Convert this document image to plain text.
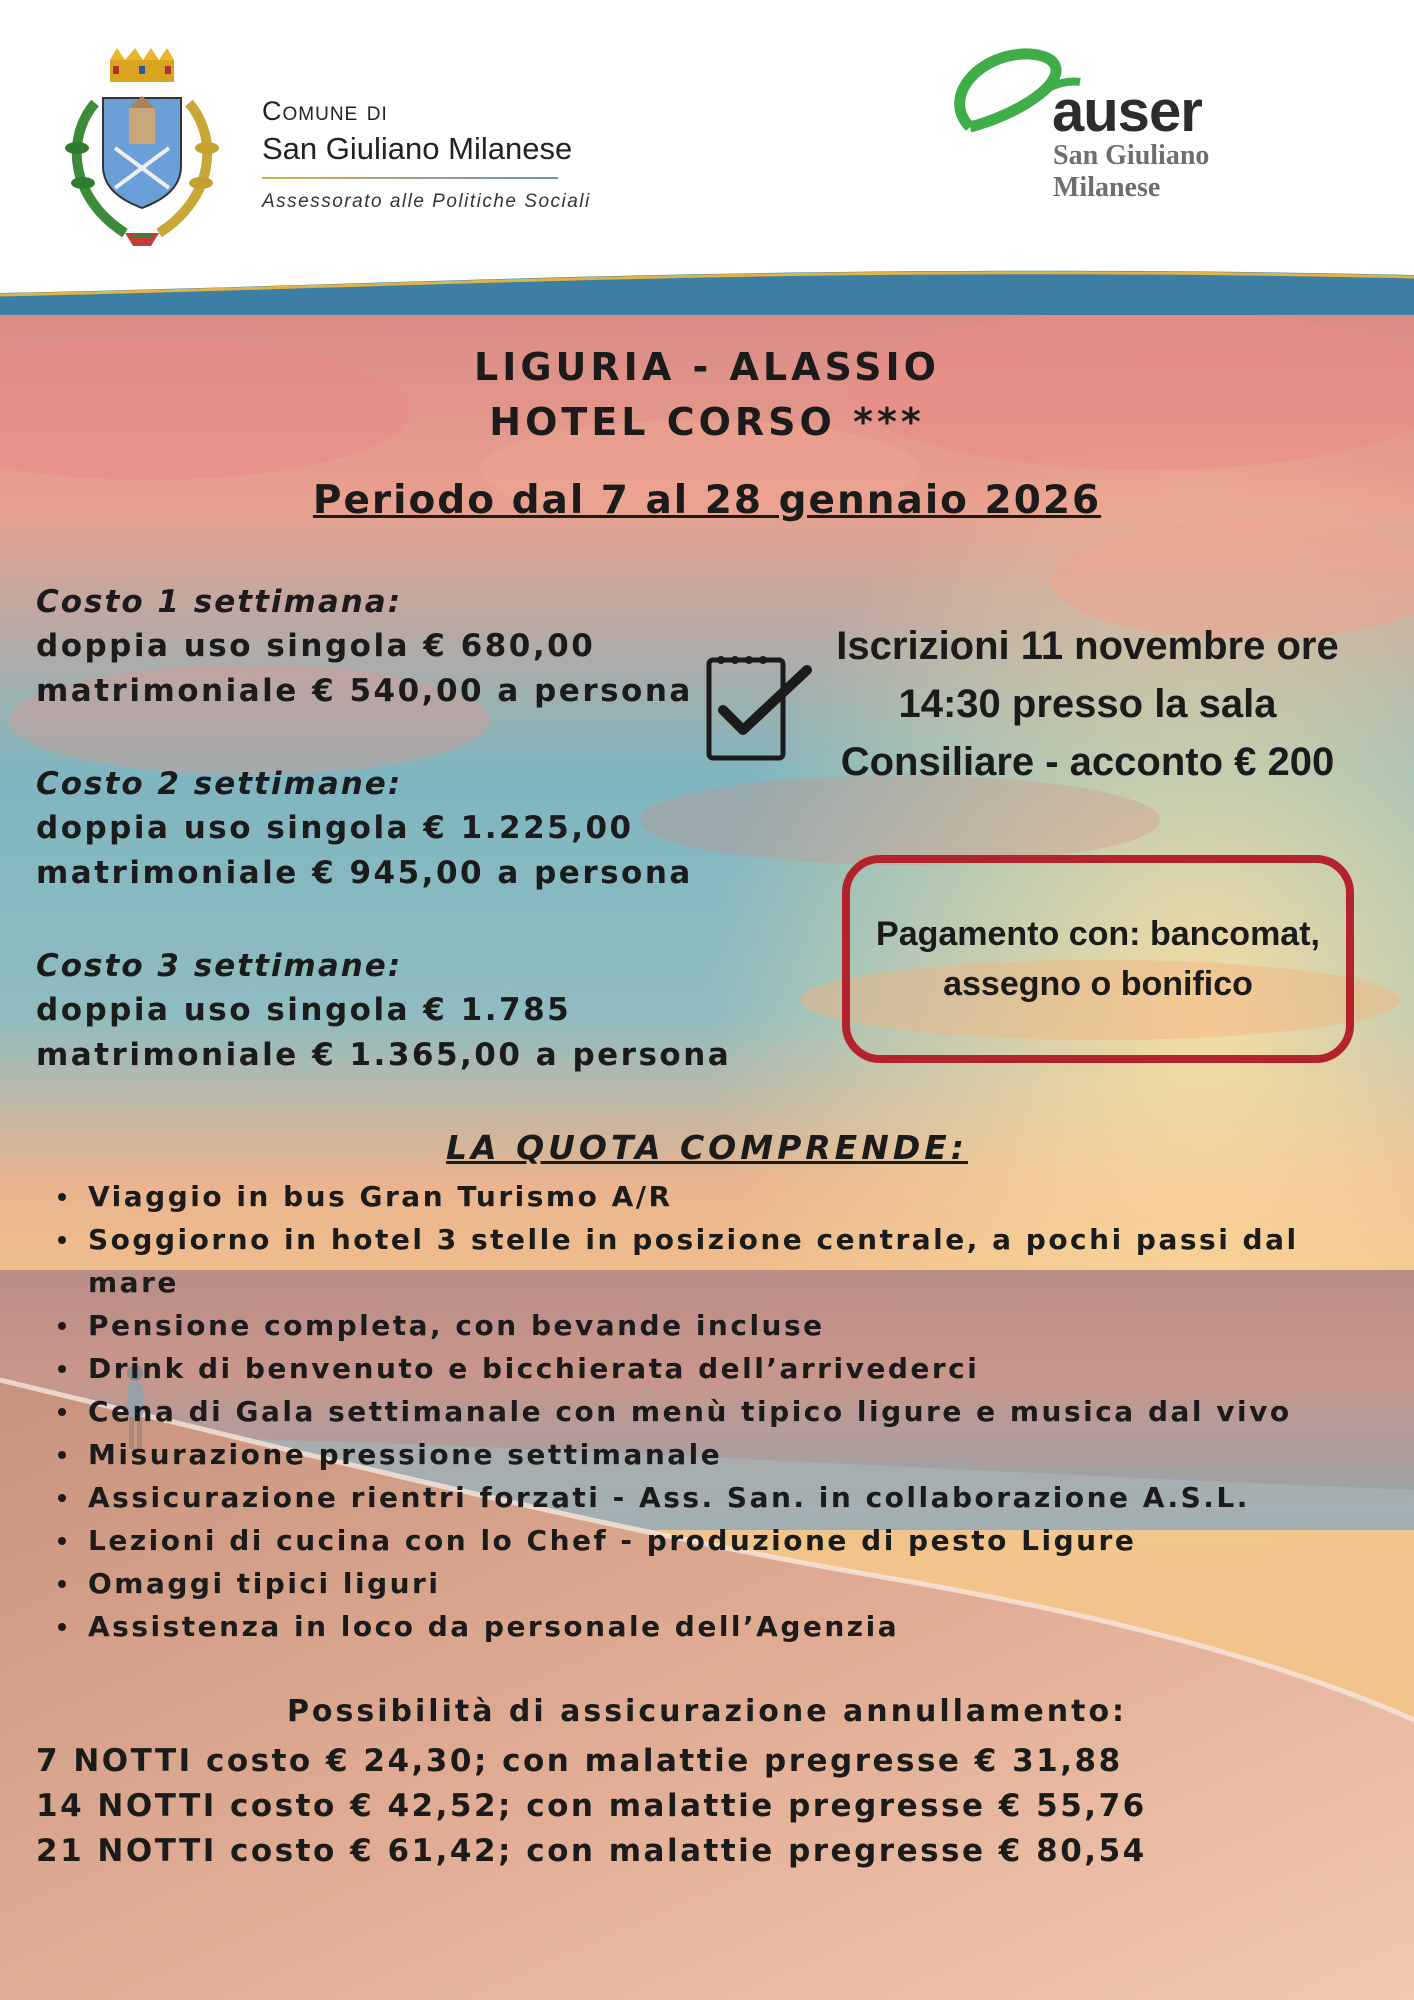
Comune di
San Giuliano Milanese
Assessorato alle Politiche Sociali
auser
San Giuliano Milanese
LIGURIA - ALASSIO
HOTEL CORSO ***
Periodo dal 7 al 28 gennaio 2026
Costo 1 settimana:
doppia uso singola € 680,00
matrimoniale € 540,00 a persona
Costo 2 settimane:
doppia uso singola € 1.225,00
matrimoniale € 945,00 a persona
Costo 3 settimane:
doppia uso singola € 1.785
matrimoniale € 1.365,00 a persona
Iscrizioni 11 novembre ore
14:30 presso la sala
Consiliare - acconto € 200
Pagamento con: bancomat,
assegno o bonifico
LA QUOTA COMPRENDE:
Viaggio in bus Gran Turismo A/R
Soggiorno in hotel 3 stelle in posizione centrale, a pochi passi dal mare
Pensione completa, con bevande incluse
Drink di benvenuto e bicchierata dell’arrivederci
Cena di Gala settimanale con menù tipico ligure e musica dal vivo
Misurazione pressione settimanale
Assicurazione rientri forzati - Ass. San. in collaborazione A.S.L.
Lezioni di cucina con lo Chef - produzione di pesto Ligure
Omaggi tipici liguri
Assistenza in loco da personale dell’Agenzia
Possibilità di assicurazione annullamento:
7 NOTTI costo € 24,30; con malattie pregresse € 31,88
14 NOTTI costo € 42,52; con malattie pregresse € 55,76
21 NOTTI costo € 61,42; con malattie pregresse € 80,54
